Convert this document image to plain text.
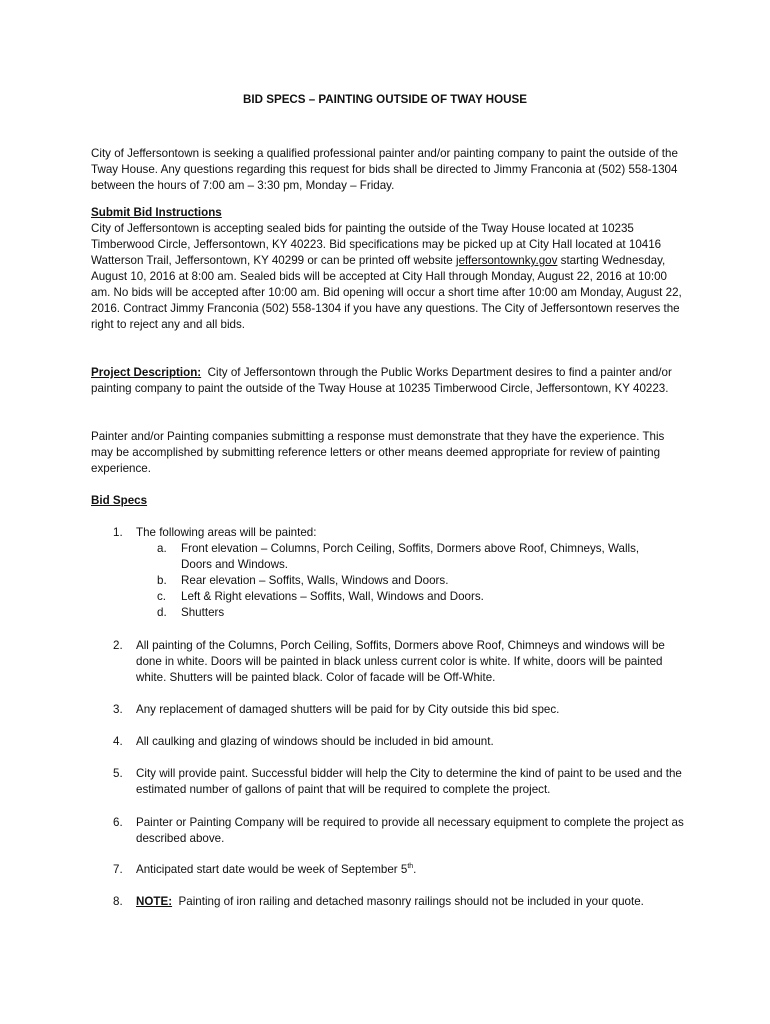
BID SPECS – PAINTING OUTSIDE OF TWAY HOUSE

City of Jeffersontown is seeking a qualified professional painter and/or painting company to paint the outside of the Tway House. Any questions regarding this request for bids shall be directed to Jimmy Franconia at (502) 558-1304 between the hours of 7:00 am – 3:30 pm, Monday – Friday.

Submit Bid Instructions

City of Jeffersontown is accepting sealed bids for painting the outside of the Tway House located at 10235 Timberwood Circle, Jeffersontown, KY 40223. Bid specifications may be picked up at City Hall located at 10416 Watterson Trail, Jeffersontown, KY 40299 or can be printed off website jeffersontownky.gov starting Wednesday, August 10, 2016 at 8:00 am. Sealed bids will be accepted at City Hall through Monday, August 22, 2016 at 10:00 am. No bids will be accepted after 10:00 am. Bid opening will occur a short time after 10:00 am Monday, August 22, 2016. Contract Jimmy Franconia (502) 558-1304 if you have any questions. The City of Jeffersontown reserves the right to reject any and all bids.

Project Description: City of Jeffersontown through the Public Works Department desires to find a painter and/or painting company to paint the outside of the Tway House at 10235 Timberwood Circle, Jeffersontown, KY 40223.

Painter and/or Painting companies submitting a response must demonstrate that they have the experience. This may be accomplished by submitting reference letters or other means deemed appropriate for review of painting experience.

Bid Specs
1. The following areas will be painted:
a.	Front elevation – Columns, Porch Ceiling, Soffits, Dormers above Roof, Chimneys, Walls,
Doors and Windows.
b.	Rear elevation – Soffits, Walls, Windows and Doors.
c.	Left & Right elevations – Soffits, Wall, Windows and Doors.
d.	Shutters
2. All painting of the Columns, Porch Ceiling, Soffits, Dormers above Roof, Chimneys and windows will be done in white. Doors will be painted in black unless current color is white. If white, doors will be painted white. Shutters will be painted black. Color of facade will be Off-White.
3. Any replacement of damaged shutters will be paid for by City outside this bid spec.
4. All caulking and glazing of windows should be included in bid amount.
5. City will provide paint. Successful bidder will help the City to determine the kind of paint to be used and the estimated number of gallons of paint that will be required to complete the project.
6. Painter or Painting Company will be required to provide all necessary equipment to complete the project as described above.
7. Anticipated start date would be week of September 5th.
8. NOTE: Painting of iron railing and detached masonry railings should not be included in your quote.
